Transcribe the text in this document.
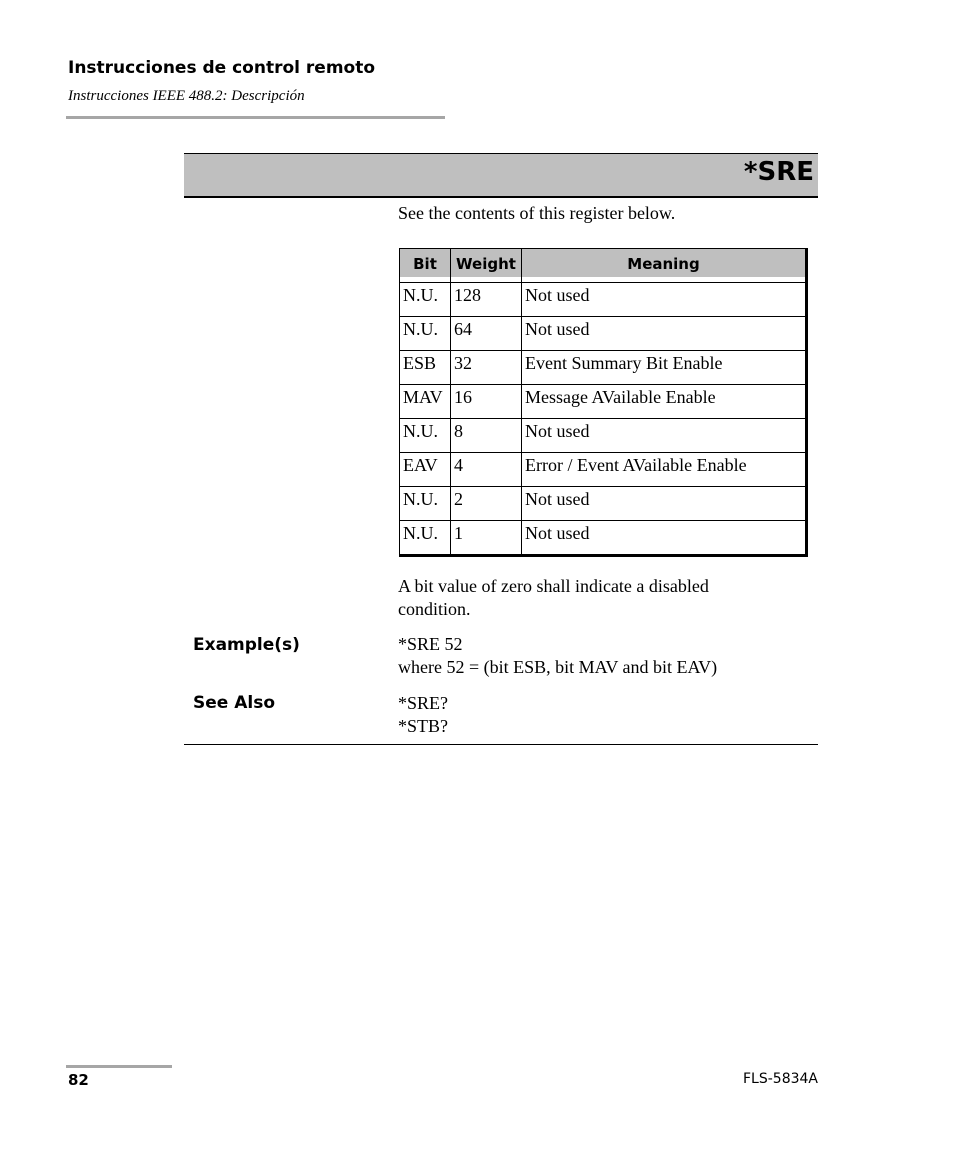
Instrucciones de control remoto
Instrucciones IEEE 488.2: Descripción
*SRE
See the contents of this register below.
Bit	Weight	Meaning
N.U.	128	Not used
N.U.	64	Not used
ESB	32	Event Summary Bit Enable
MAV	16	Message AVailable Enable
N.U.	8	Not used
EAV	4	Error / Event AVailable Enable
N.U.	2	Not used
N.U.	1	Not used
A bit value of zero shall indicate a disabled
condition.
Example(s)	*SRE 52
where 52 = (bit ESB, bit MAV and bit EAV)
See Also	*SRE?
*STB?
82	FLS-5834A
